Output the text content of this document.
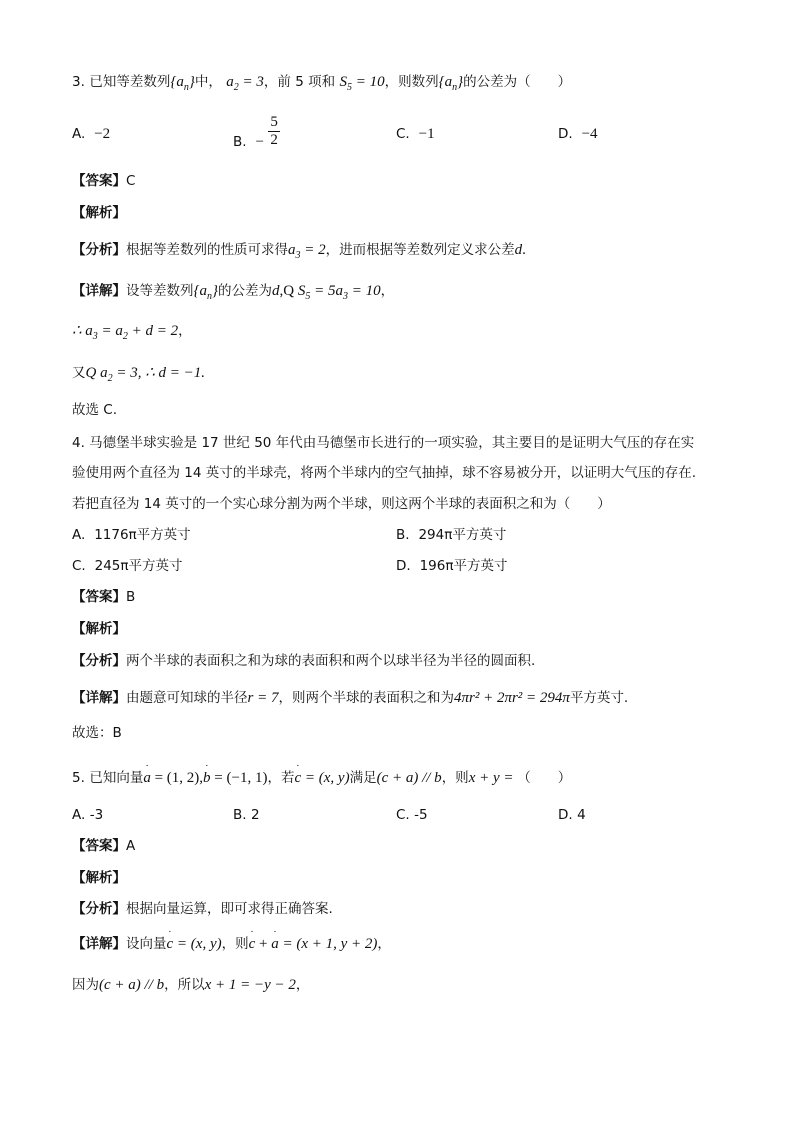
3. 已知等差数列$\{a_n\}$中， $a_2 = 3$，前 5 项和 $S_5 = 10$，则数列$\{a_n\}$的公差为（　　）
A. −2	B. − $\frac{5}{2}$	C. −1	D. −4
【答案】C
【解析】
【分析】根据等差数列的性质可求得$a_3 = 2$，进而根据等差数列定义求公差d.
【详解】设等差数列$\{a_n\}$的公差为d,Q $S_5 = 5a_3 = 10$，
∴ $a_3 = a_2 + d = 2$，
又Q $a_2 = 3$, ∴ d = −1.
故选 C.
4. 马德堡半球实验是 17 世纪 50 年代由马德堡市长进行的一项实验，其主要目的是证明大气压的存在实
验使用两个直径为 14 英寸的半球壳，将两个半球内的空气抽掉，球不容易被分开，以证明大气压的存在.
若把直径为 14 英寸的一个实心球分割为两个半球，则这两个半球的表面积之和为（　　）
A. 1176π平方英寸	B. 294π平方英寸
C. 245π平方英寸	D. 196π平方英寸
【答案】B
【解析】
【分析】两个半球的表面积之和为球的表面积和两个以球半径为半径的圆面积.
【详解】由题意可知球的半径r = 7，则两个半球的表面积之和为4πr² + 2πr² = 294π平方英寸.
故选：B
5. 已知向量˙ a = (1, 2),˙ b = (−1, 1)，若˙ c = (x, y)满足(c + a) // b，则x + y = （　　）
A. -3	B. 2	C. -5	D. 4
【答案】A
【解析】
【分析】根据向量运算，即可求得正确答案.
【详解】设向量˙ c = (x, y)，则˙ c + ˙ a = (x + 1, y + 2)，
因为(c + a) // b，所以x + 1 = −y − 2，
